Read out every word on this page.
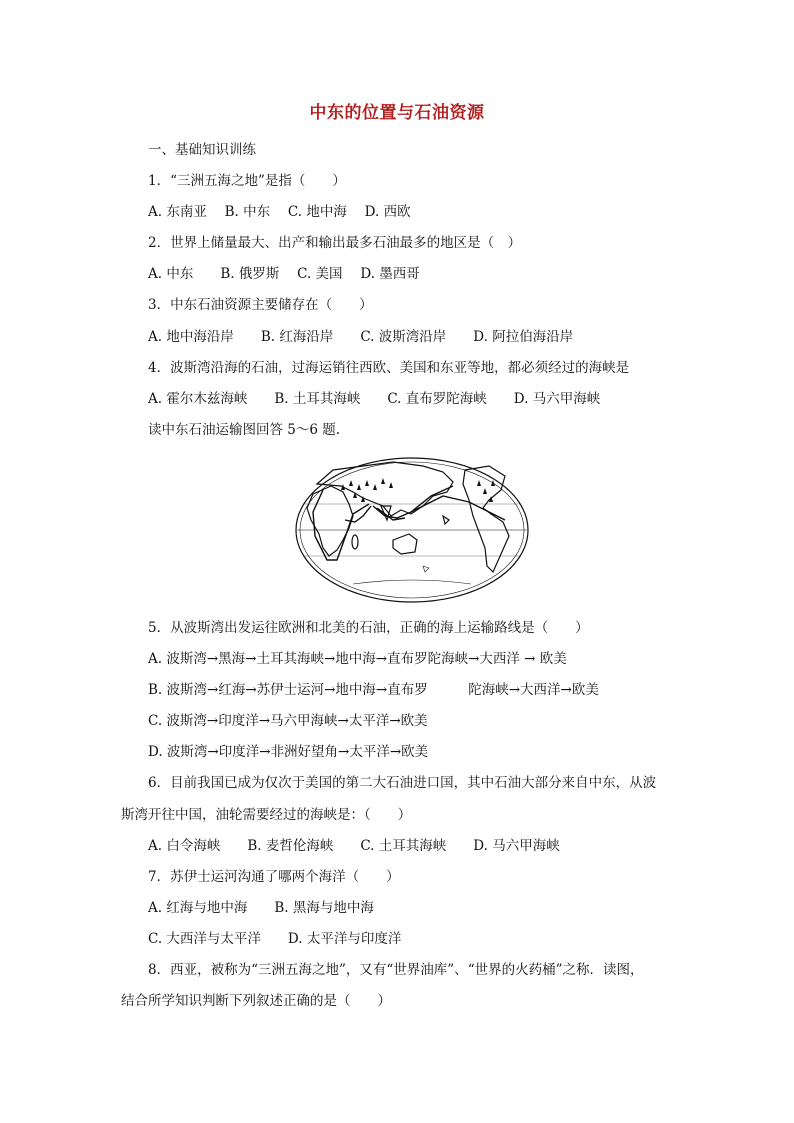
中东的位置与石油资源
一、基础知识训练
1．“三洲五海之地”是指（　　）
A. 东南亚　 B. 中东　 C. 地中海　 D. 西欧
2．世界上储量最大、出产和输出最多石油最多的地区是（　）
A. 中东　　B. 俄罗斯　 C. 美国　 D. 墨西哥
3．中东石油资源主要储存在（　　）
A. 地中海沿岸　　B. 红海沿岸　　C. 波斯湾沿岸　　D. 阿拉伯海沿岸
4．波斯湾沿海的石油，过海运销往西欧、美国和东亚等地，都必须经过的海峡是
A. 霍尔木兹海峡　　B. 土耳其海峡　　C. 直布罗陀海峡　　D. 马六甲海峡
读中东石油运输图回答 5～6 题.
5．从波斯湾出发运往欧洲和北美的石油，正确的海上运输路线是（　　）
A. 波斯湾→黑海→土耳其海峡→地中海→直布罗陀海峡→大西洋 → 欧美
B. 波斯湾→红海→苏伊士运河→地中海→直布罗　　　陀海峡→大西洋→欧美
C. 波斯湾→印度洋→马六甲海峡→太平洋→欧美
D. 波斯湾→印度洋→非洲好望角→太平洋→欧美
6．目前我国已成为仅次于美国的第二大石油进口国，其中石油大部分来自中东，从波
斯湾开往中国，油轮需要经过的海峡是：（　　）
A. 白令海峡　　B. 麦哲伦海峡　　C. 土耳其海峡　　D. 马六甲海峡
7．苏伊士运河沟通了哪两个海洋（　　）
A. 红海与地中海　　B. 黑海与地中海
C. 大西洋与太平洋　　D. 太平洋与印度洋
8．西亚，被称为“三洲五海之地”，又有“世界油库”、“世界的火药桶”之称．读图，
结合所学知识判断下列叙述正确的是（　　）
